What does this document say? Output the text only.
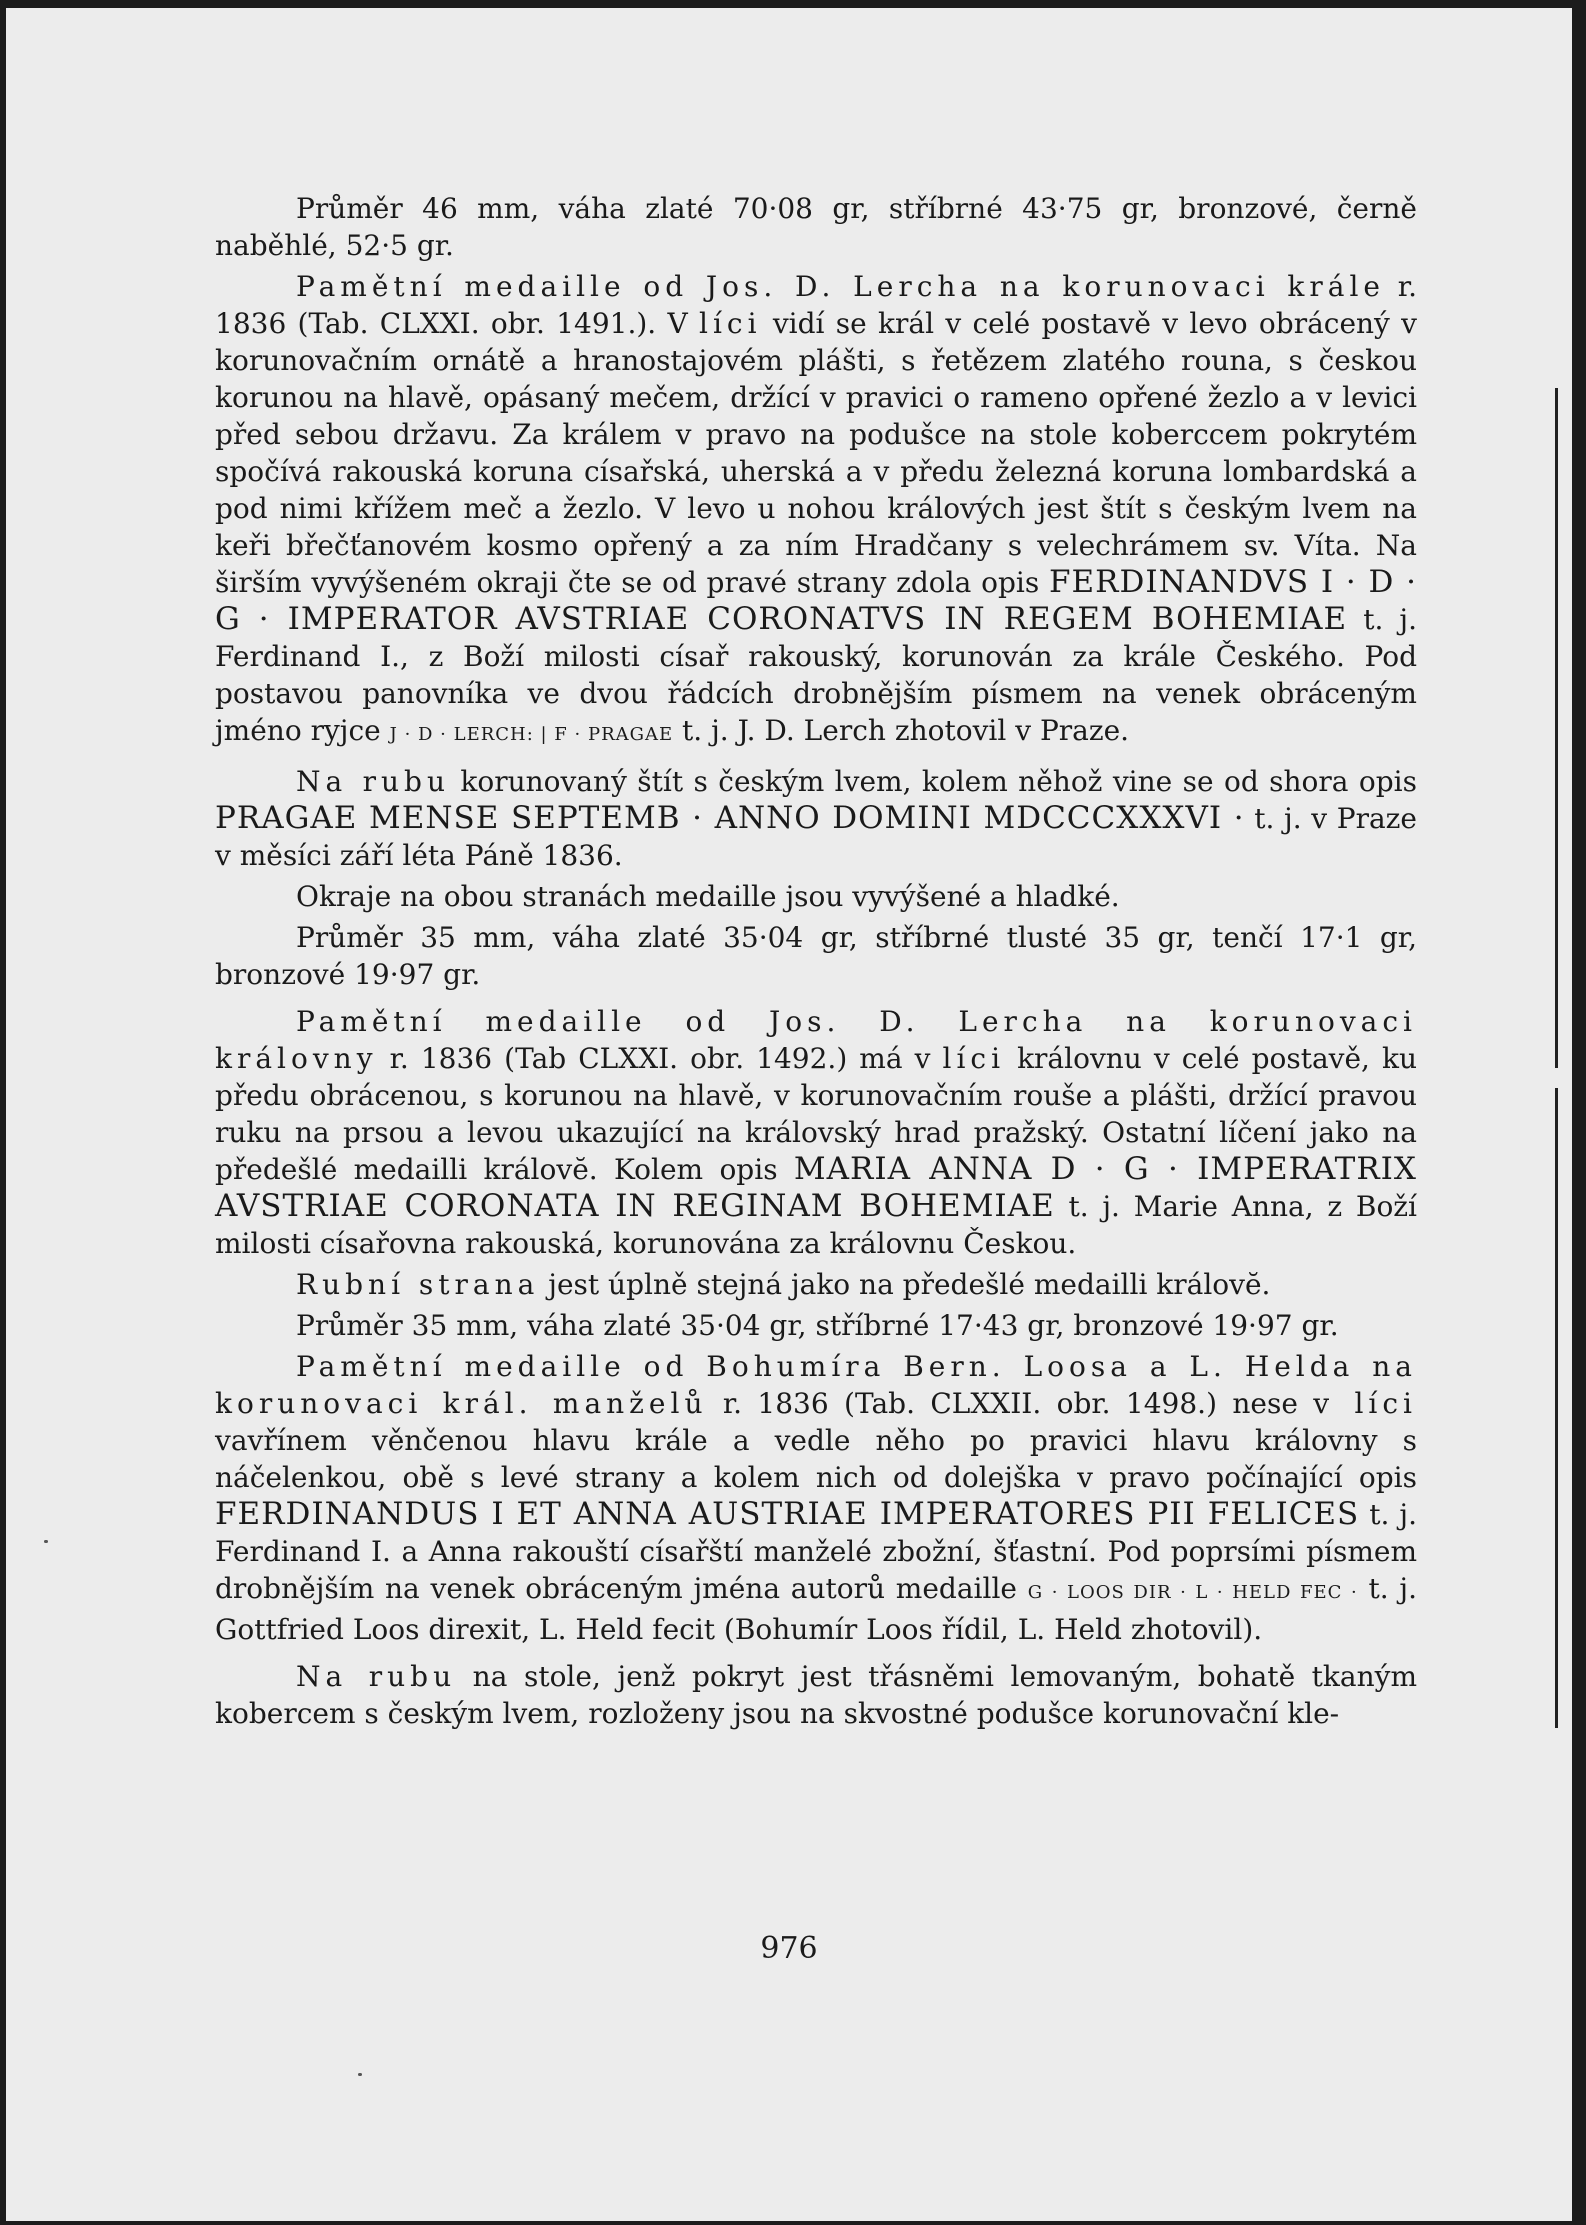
Průměr 46 mm, váha zlaté 70·08 gr, stříbrné 43·75 gr, bronzové, černě naběhlé, 52·5 gr.

Pamětní medaille od Jos. D. Lercha na korunovaci krále r. 1836 (Tab. CLXXI. obr. 1491.). V líci vidí se král v celé postavě v levo obrácený v korunovačním ornátě a hranostajovém plášti, s řetězem zlatého rouna, s českou korunou na hlavě, opásaný mečem, držící v pravici o rameno opřené žezlo a v levici před sebou državu. Za králem v pravo na podušce na stole koberccem pokrytém spočívá rakouská koruna císařská, uherská a v předu železná koruna lombardská a pod nimi křížem meč a žezlo. V levo u nohou králových jest štít s českým lvem na keři břečťanovém kosmo opřený a za ním Hradčany s velechrámem sv. Víta. Na širším vyvýšeném okraji čte se od pravé strany zdola opis FERDINANDVS I · D · G · IMPERATOR AVSTRIAE CORONATVS IN REGEM BOHEMIAE t. j. Ferdinand I., z Boží milosti císař rakouský, korunován za krále Českého. Pod postavou panovníka ve dvou řádcích drobnějším písmem na venek obráceným jméno ryjce J · D · LERCH: | F · PRAGAE t. j. J. D. Lerch zhotovil v Praze.

Na rubu korunovaný štít s českým lvem, kolem něhož vine se od shora opis PRAGAE MENSE SEPTEMB · ANNO DOMINI MDCCCXXXVI · t. j. v Praze v měsíci září léta Páně 1836.

Okraje na obou stranách medaille jsou vyvýšené a hladké.

Průměr 35 mm, váha zlaté 35·04 gr, stříbrné tlusté 35 gr, tenčí 17·1 gr, bronzové 19·97 gr.

Pamětní medaille od Jos. D. Lercha na korunovaci královny r. 1836 (Tab CLXXI. obr. 1492.) má v líci královnu v celé postavě, ku předu obrácenou, s korunou na hlavě, v korunovačním rouše a plášti, držící pravou ruku na prsou a levou ukazující na královský hrad pražský. Ostatní líčení jako na předešlé medailli královĕ. Kolem opis MARIA ANNA D · G · IMPERATRIX AVSTRIAE CORONATA IN REGINAM BOHEMIAE t. j. Marie Anna, z Boží milosti císařovna rakouská, korunována za královnu Českou.

Rubní strana jest úplně stejná jako na předešlé medailli královĕ.

Průměr 35 mm, váha zlaté 35·04 gr, stříbrné 17·43 gr, bronzové 19·97 gr.

Pamětní medaille od Bohumíra Bern. Loosa a L. Helda na korunovaci král. manželů r. 1836 (Tab. CLXXII. obr. 1498.) nese v líci vavřínem věnčenou hlavu krále a vedle něho po pravici hlavu královny s náčelenkou, obě s levé strany a kolem nich od dolejška v pravo počínající opis FERDINANDUS I ET ANNA AUSTRIAE IMPERATORES PII FELICES t. j. Ferdinand I. a Anna rakouští císařští manželé zbožní, šťastní. Pod poprsími písmem drobnějším na venek obráceným jména autorů medaille G · LOOS DIR · L · HELD FEC · t. j. Gottfried Loos direxit, L. Held fecit (Bohumír Loos řídil, L. Held zhotovil).

Na rubu na stole, jenž pokryt jest třásněmi lemovaným, bohatě tkaným kobercem s českým lvem, rozloženy jsou na skvostné podušce korunovační kle-

976
